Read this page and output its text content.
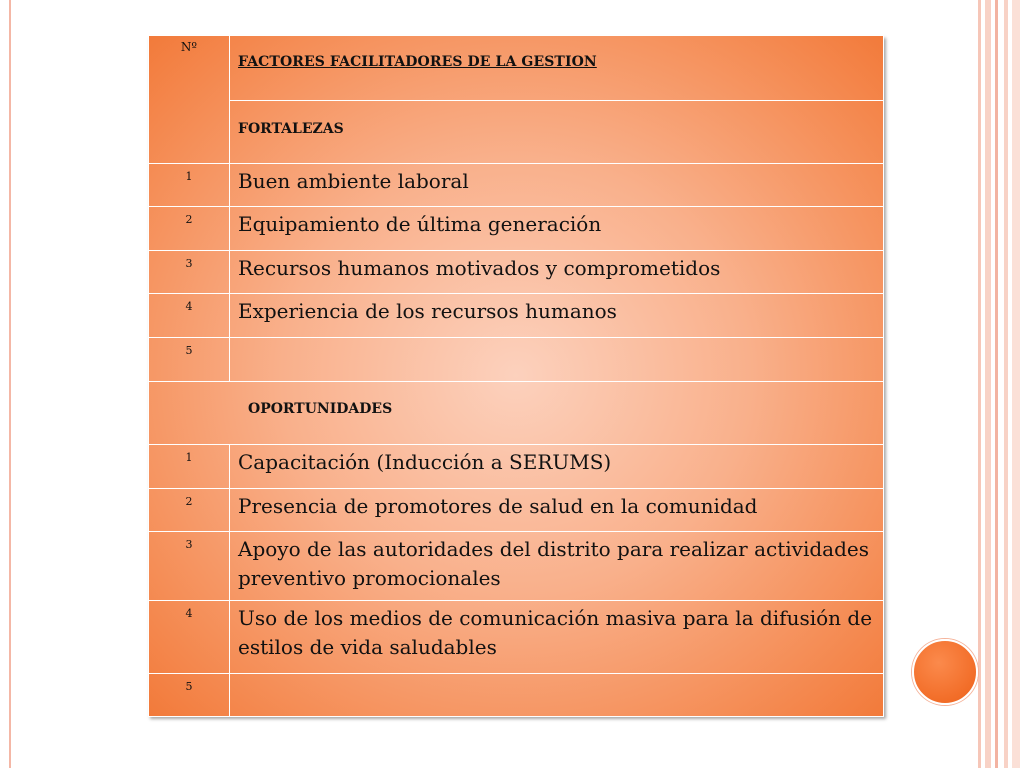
Nº	FACTORES FACILITADORES DE LA GESTION
	FORTALEZAS
1	Buen ambiente laboral
2	Equipamiento de última generación
3	Recursos humanos motivados y comprometidos
4	Experiencia de los recursos humanos
5	
OPORTUNIDADES	
1	Capacitación (Inducción a SERUMS)
2	Presencia de promotores de salud en la comunidad
3	Apoyo de las autoridades del distrito para realizar actividades preventivo promocionales
4	Uso de los medios de comunicación masiva para la difusión de estilos de vida saludables
5	
